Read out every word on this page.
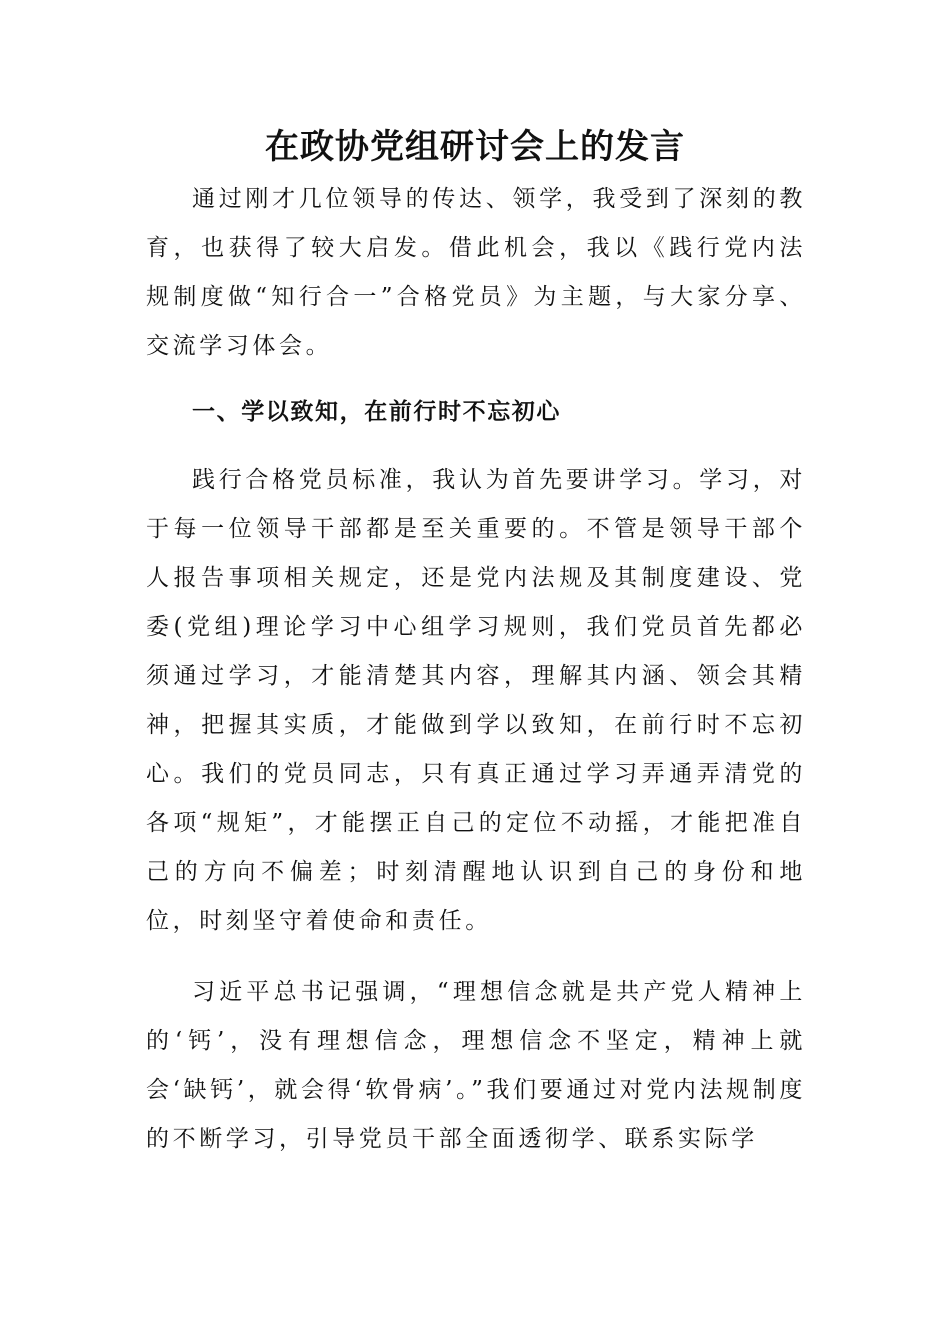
在政协党组研讨会上的发言

通过刚才几位领导的传达、领学，我受到了深刻的教育，也获得了较大启发。借此机会，我以《践行党内法规制度做“知行合一”合格党员》为主题，与大家分享、交流学习体会。

一、学以致知，在前行时不忘初心

践行合格党员标准，我认为首先要讲学习。学习，对于每一位领导干部都是至关重要的。不管是领导干部个人报告事项相关规定，还是党内法规及其制度建设、党委(党组)理论学习中心组学习规则，我们党员首先都必须通过学习，才能清楚其内容，理解其内涵、领会其精神，把握其实质，才能做到学以致知，在前行时不忘初心。我们的党员同志，只有真正通过学习弄通弄清党的各项“规矩”，才能摆正自己的定位不动摇，才能把准自己的方向不偏差；时刻清醒地认识到自己的身份和地位，时刻坚守着使命和责任。

习近平总书记强调，“理想信念就是共产党人精神上的‘钙’，没有理想信念，理想信念不坚定，精神上就会‘缺钙’，就会得‘软骨病’。”我们要通过对党内法规制度的不断学习，引导党员干部全面透彻学、联系实际学
